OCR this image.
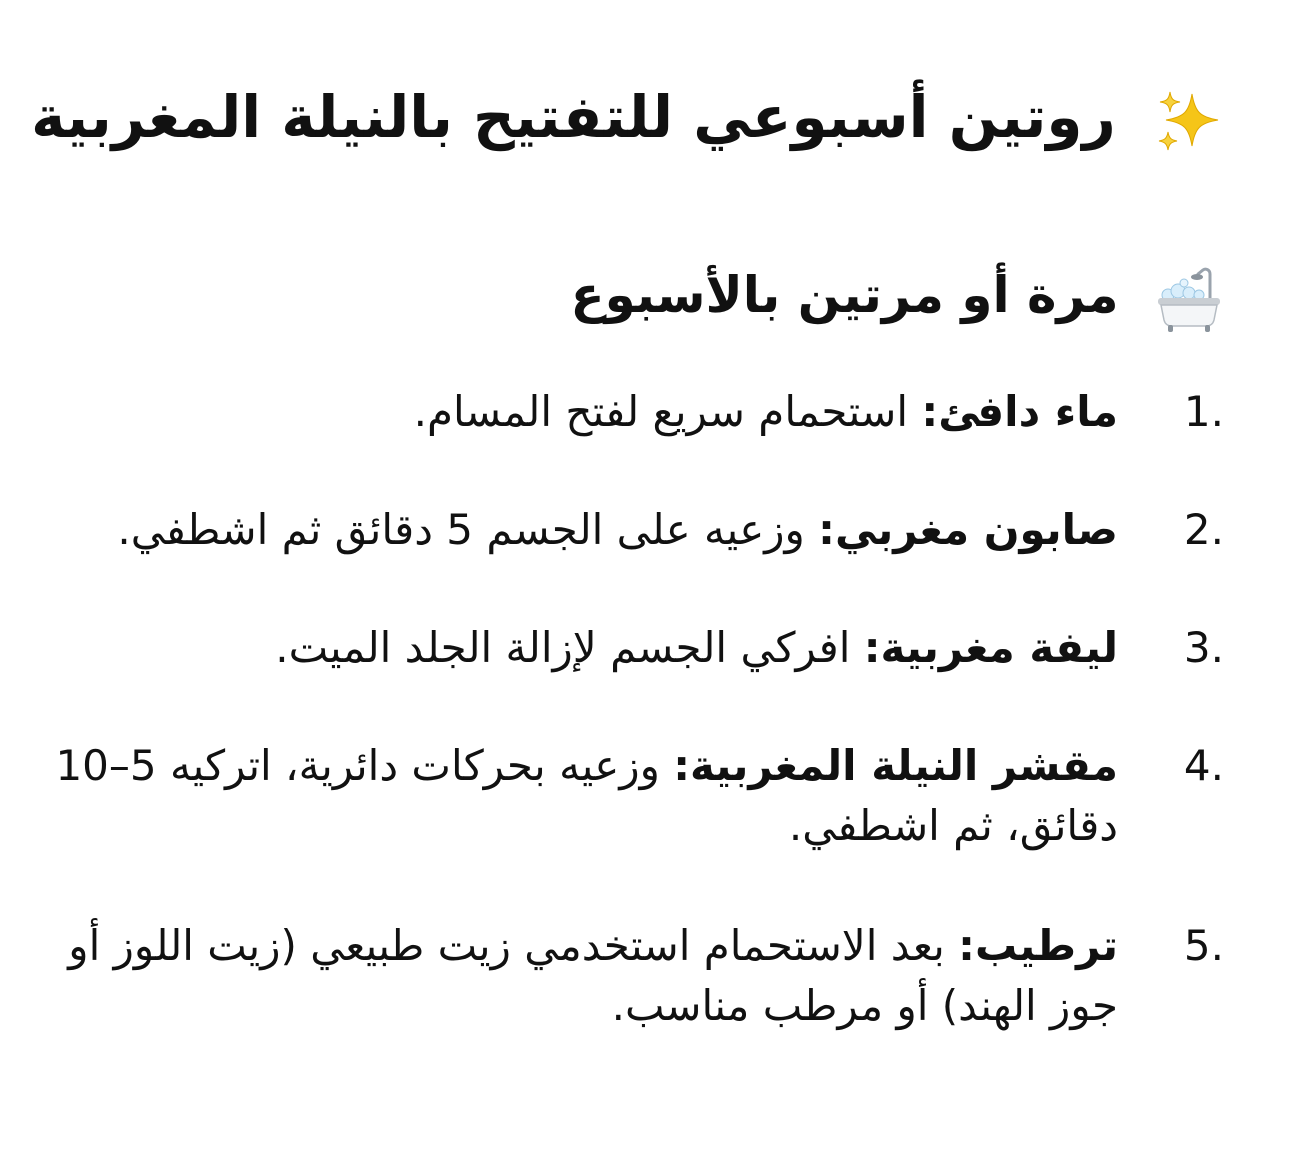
روتين أسبوعي للتفتيح بالنيلة المغربية
مرة أو مرتين بالأسبوع
1.
ماء دافئ: استحمام سريع لفتح المسام.
2.
صابون مغربي: وزعيه على الجسم 5 دقائق ثم اشطفي.
3.
ليفة مغربية: افركي الجسم لإزالة الجلد الميت.
4.
مقشر النيلة المغربية: وزعيه بحركات دائرية، اتركيه 5–10 دقائق، ثم اشطفي.
5.
ترطيب: بعد الاستحمام استخدمي زيت طبيعي (زيت اللوز أو جوز الهند) أو مرطب مناسب.
